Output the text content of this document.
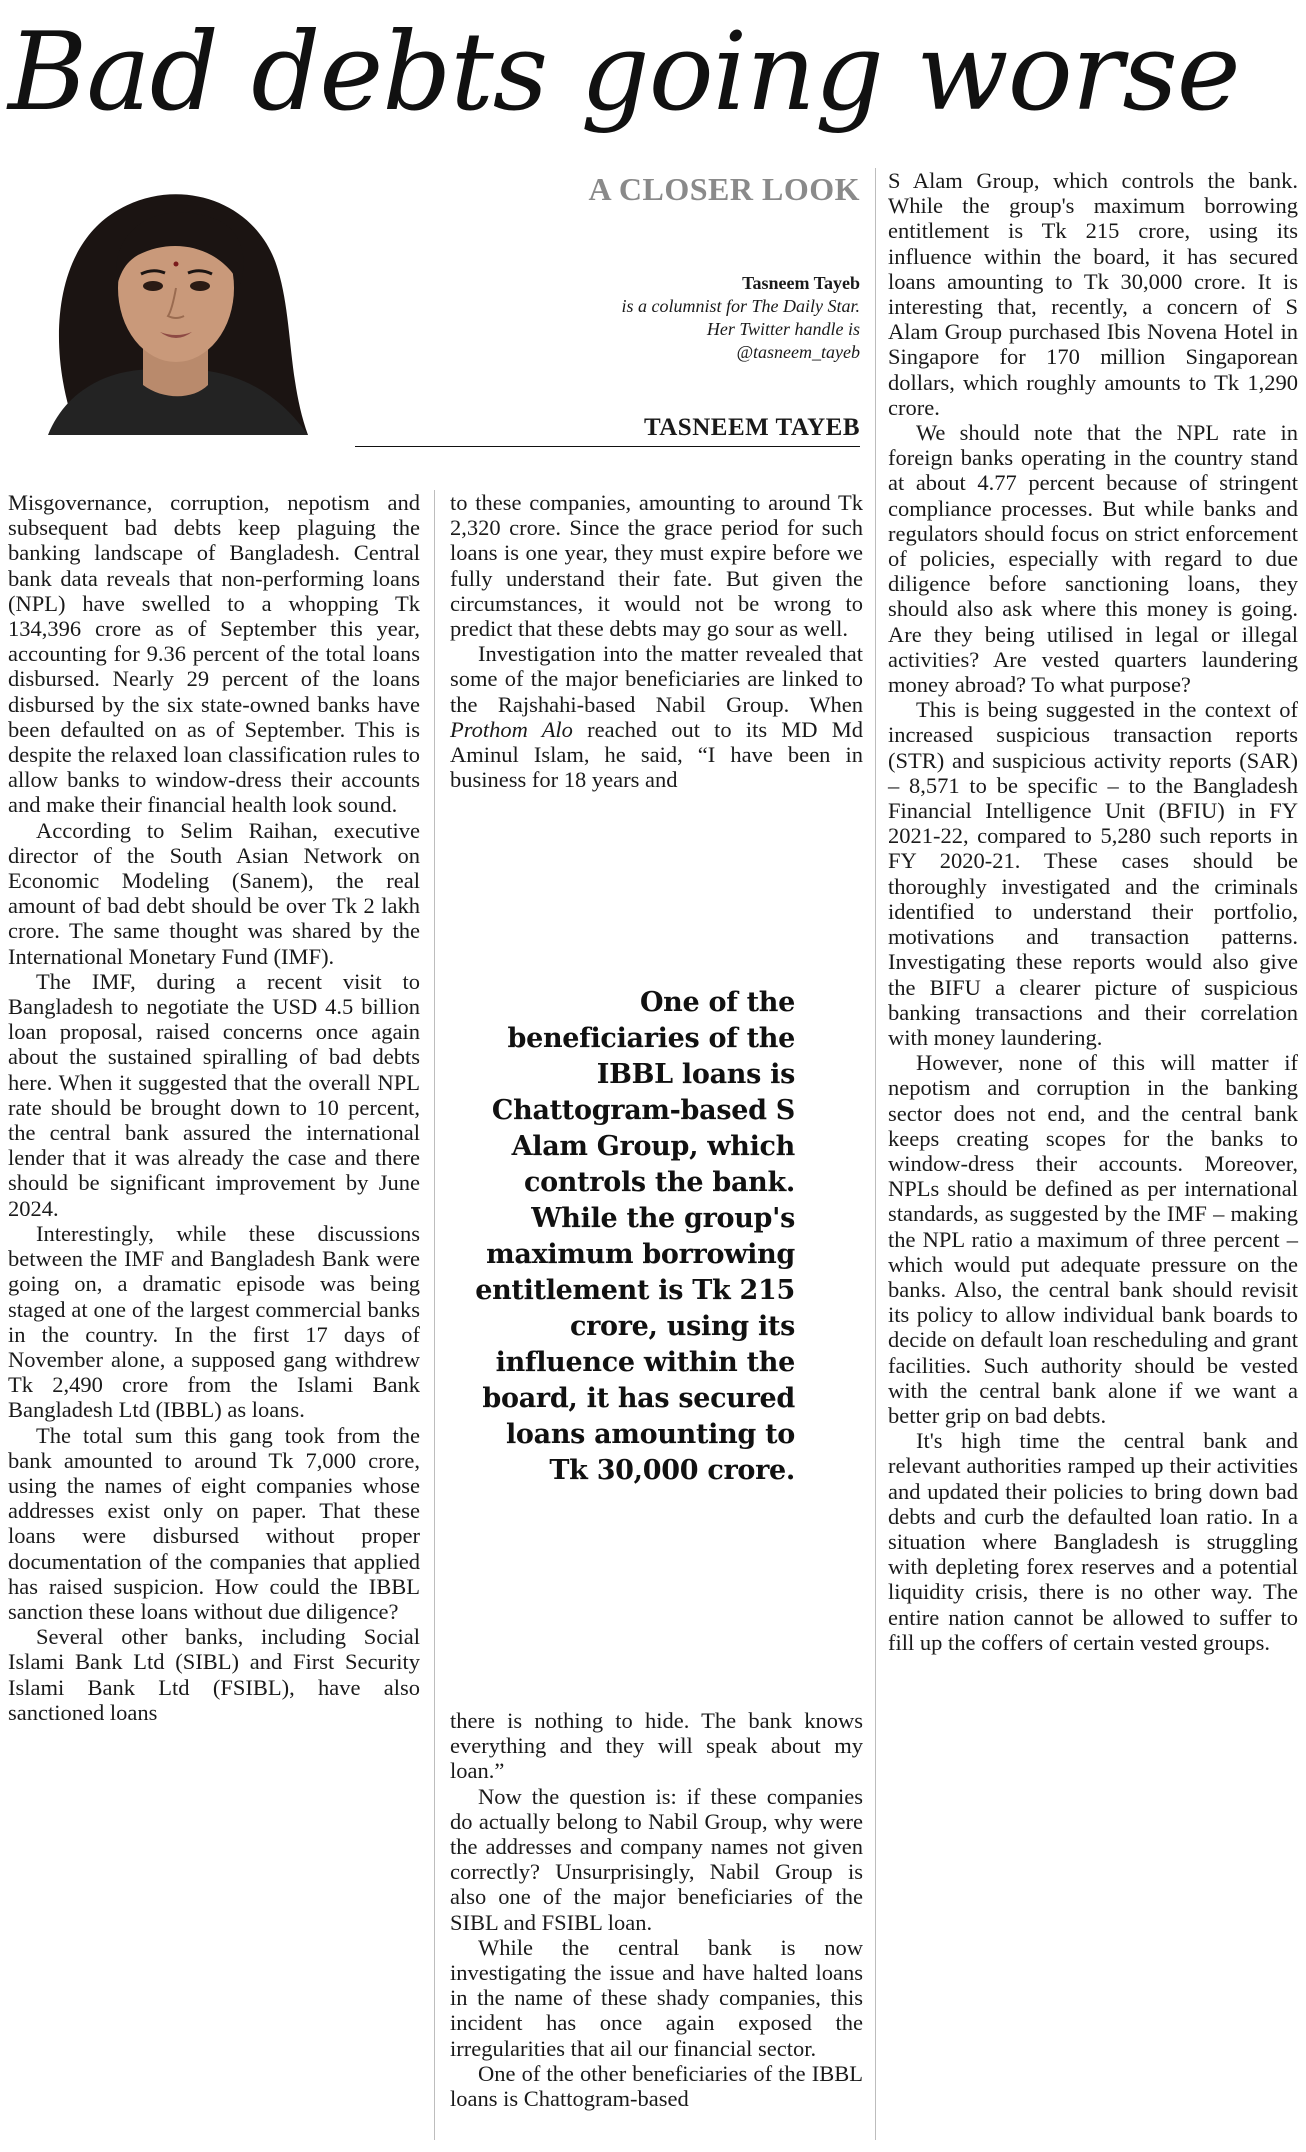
Bad debts going worse
A CLOSER LOOK
Tasneem Tayeb
is a columnist for The Daily Star.
Her Twitter handle is
@tasneem_tayeb
TASNEEM TAYEB

Misgovernance, corruption, nepotism and subsequent bad debts keep plaguing the banking landscape of Bangladesh. Central bank data reveals that non-performing loans (NPL) have swelled to a whopping Tk 134,396 crore as of September this year, accounting for 9.36 percent of the total loans disbursed. Nearly 29 percent of the loans disbursed by the six state-owned banks have been defaulted on as of September. This is despite the relaxed loan classification rules to allow banks to window-dress their accounts and make their financial health look sound.

According to Selim Raihan, executive director of the South Asian Network on Economic Modeling (Sanem), the real amount of bad debt should be over Tk 2 lakh crore. The same thought was shared by the International Monetary Fund (IMF).

The IMF, during a recent visit to Bangladesh to negotiate the USD 4.5 billion loan proposal, raised concerns once again about the sustained spiralling of bad debts here. When it suggested that the overall NPL rate should be brought down to 10 percent, the central bank assured the international lender that it was already the case and there should be significant improvement by June 2024.

Interestingly, while these discussions between the IMF and Bangladesh Bank were going on, a dramatic episode was being staged at one of the largest commercial banks in the country. In the first 17 days of November alone, a supposed gang withdrew Tk 2,490 crore from the Islami Bank Bangladesh Ltd (IBBL) as loans.

The total sum this gang took from the bank amounted to around Tk 7,000 crore, using the names of eight companies whose addresses exist only on paper. That these loans were disbursed without proper documentation of the companies that applied has raised suspicion. How could the IBBL sanction these loans without due diligence?

Several other banks, including Social Islami Bank Ltd (SIBL) and First Security Islami Bank Ltd (FSIBL), have also sanctioned loans

to these companies, amounting to around Tk 2,320 crore. Since the grace period for such loans is one year, they must expire before we fully understand their fate. But given the circumstances, it would not be wrong to predict that these debts may go sour as well.

Investigation into the matter revealed that some of the major beneficiaries are linked to the Rajshahi-based Nabil Group. When Prothom Alo reached out to its MD Md Aminul Islam, he said, “I have been in business for 18 years and

One of the beneficiaries of the IBBL loans is Chattogram-based S Alam Group, which controls the bank. While the group's maximum borrowing entitlement is Tk 215 crore, using its influence within the board, it has secured loans amounting to Tk 30,000 crore.

there is nothing to hide. The bank knows everything and they will speak about my loan.”

Now the question is: if these companies do actually belong to Nabil Group, why were the addresses and company names not given correctly? Unsurprisingly, Nabil Group is also one of the major beneficiaries of the SIBL and FSIBL loan.

While the central bank is now investigating the issue and have halted loans in the name of these shady companies, this incident has once again exposed the irregularities that ail our financial sector.

One of the other beneficiaries of the IBBL loans is Chattogram-based

S Alam Group, which controls the bank. While the group's maximum borrowing entitlement is Tk 215 crore, using its influence within the board, it has secured loans amounting to Tk 30,000 crore. It is interesting that, recently, a concern of S Alam Group purchased Ibis Novena Hotel in Singapore for 170 million Singaporean dollars, which roughly amounts to Tk 1,290 crore.

We should note that the NPL rate in foreign banks operating in the country stand at about 4.77 percent because of stringent compliance processes. But while banks and regulators should focus on strict enforcement of policies, especially with regard to due diligence before sanctioning loans, they should also ask where this money is going. Are they being utilised in legal or illegal activities? Are vested quarters laundering money abroad? To what purpose?

This is being suggested in the context of increased suspicious transaction reports (STR) and suspicious activity reports (SAR) – 8,571 to be specific – to the Bangladesh Financial Intelligence Unit (BFIU) in FY 2021-22, compared to 5,280 such reports in FY 2020-21. These cases should be thoroughly investigated and the criminals identified to understand their portfolio, motivations and transaction patterns. Investigating these reports would also give the BIFU a clearer picture of suspicious banking transactions and their correlation with money laundering.

However, none of this will matter if nepotism and corruption in the banking sector does not end, and the central bank keeps creating scopes for the banks to window-dress their accounts. Moreover, NPLs should be defined as per international standards, as suggested by the IMF – making the NPL ratio a maximum of three percent – which would put adequate pressure on the banks. Also, the central bank should revisit its policy to allow individual bank boards to decide on default loan rescheduling and grant facilities. Such authority should be vested with the central bank alone if we want a better grip on bad debts.

It's high time the central bank and relevant authorities ramped up their activities and updated their policies to bring down bad debts and curb the defaulted loan ratio. In a situation where Bangladesh is struggling with depleting forex reserves and a potential liquidity crisis, there is no other way. The entire nation cannot be allowed to suffer to fill up the coffers of certain vested groups.
